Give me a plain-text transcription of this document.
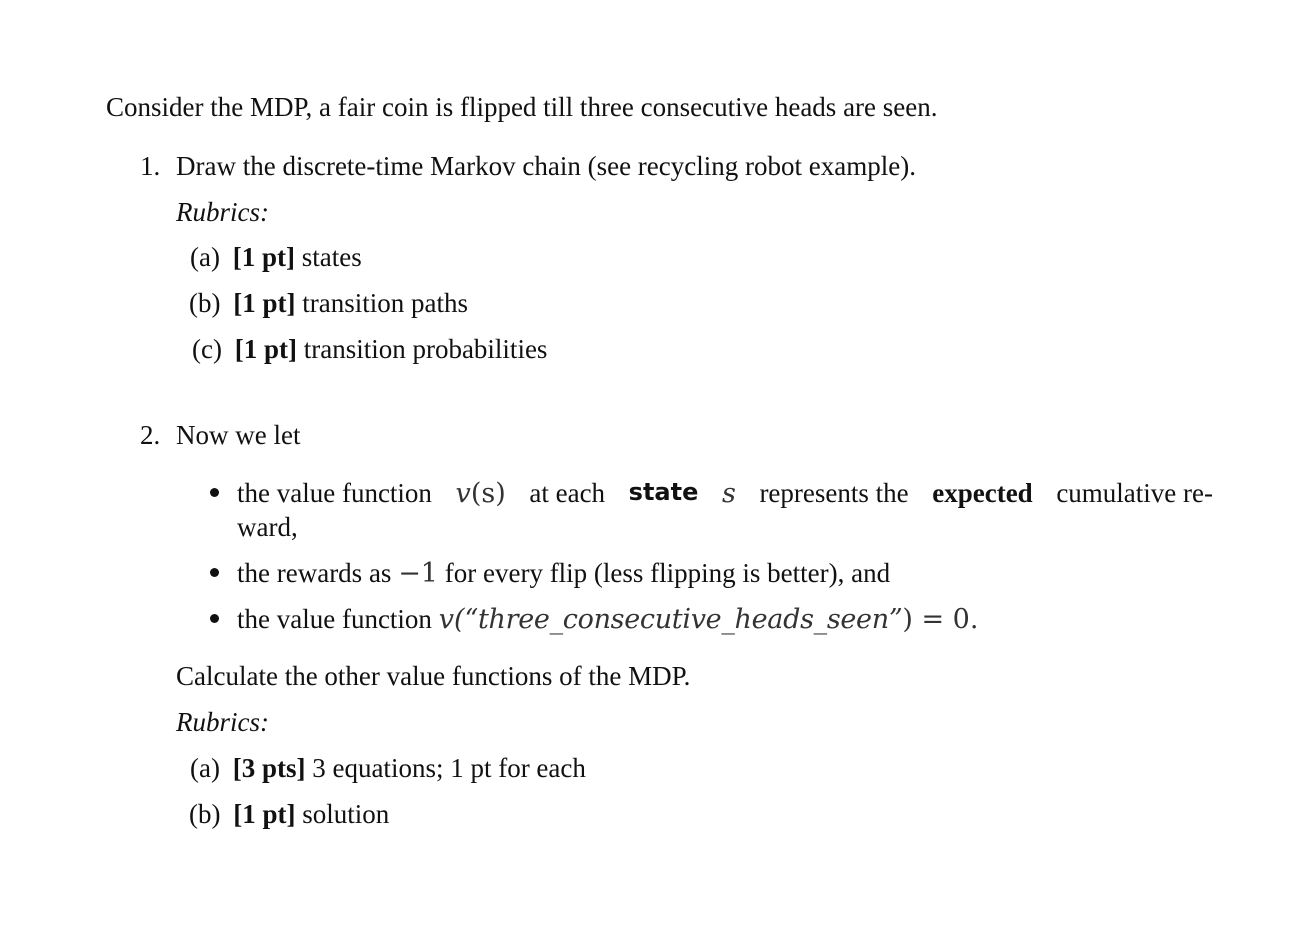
Consider the MDP, a fair coin is flipped till three consecutive heads are seen.
1. Draw the discrete-time Markov chain (see recycling robot example).
Rubrics:
(a) [1 pt] states
(b) [1 pt] transition paths
(c) [1 pt] transition probabilities
2. Now we let
the value function v(s) at each state s represents the expected cumulative re-
ward,
the rewards as −1 for every flip (less flipping is better), and
the value function v(“three_consecutive_heads_seen”) = 0.
Calculate the other value functions of the MDP.
Rubrics:
(a) [3 pts] 3 equations; 1 pt for each
(b) [1 pt] solution
